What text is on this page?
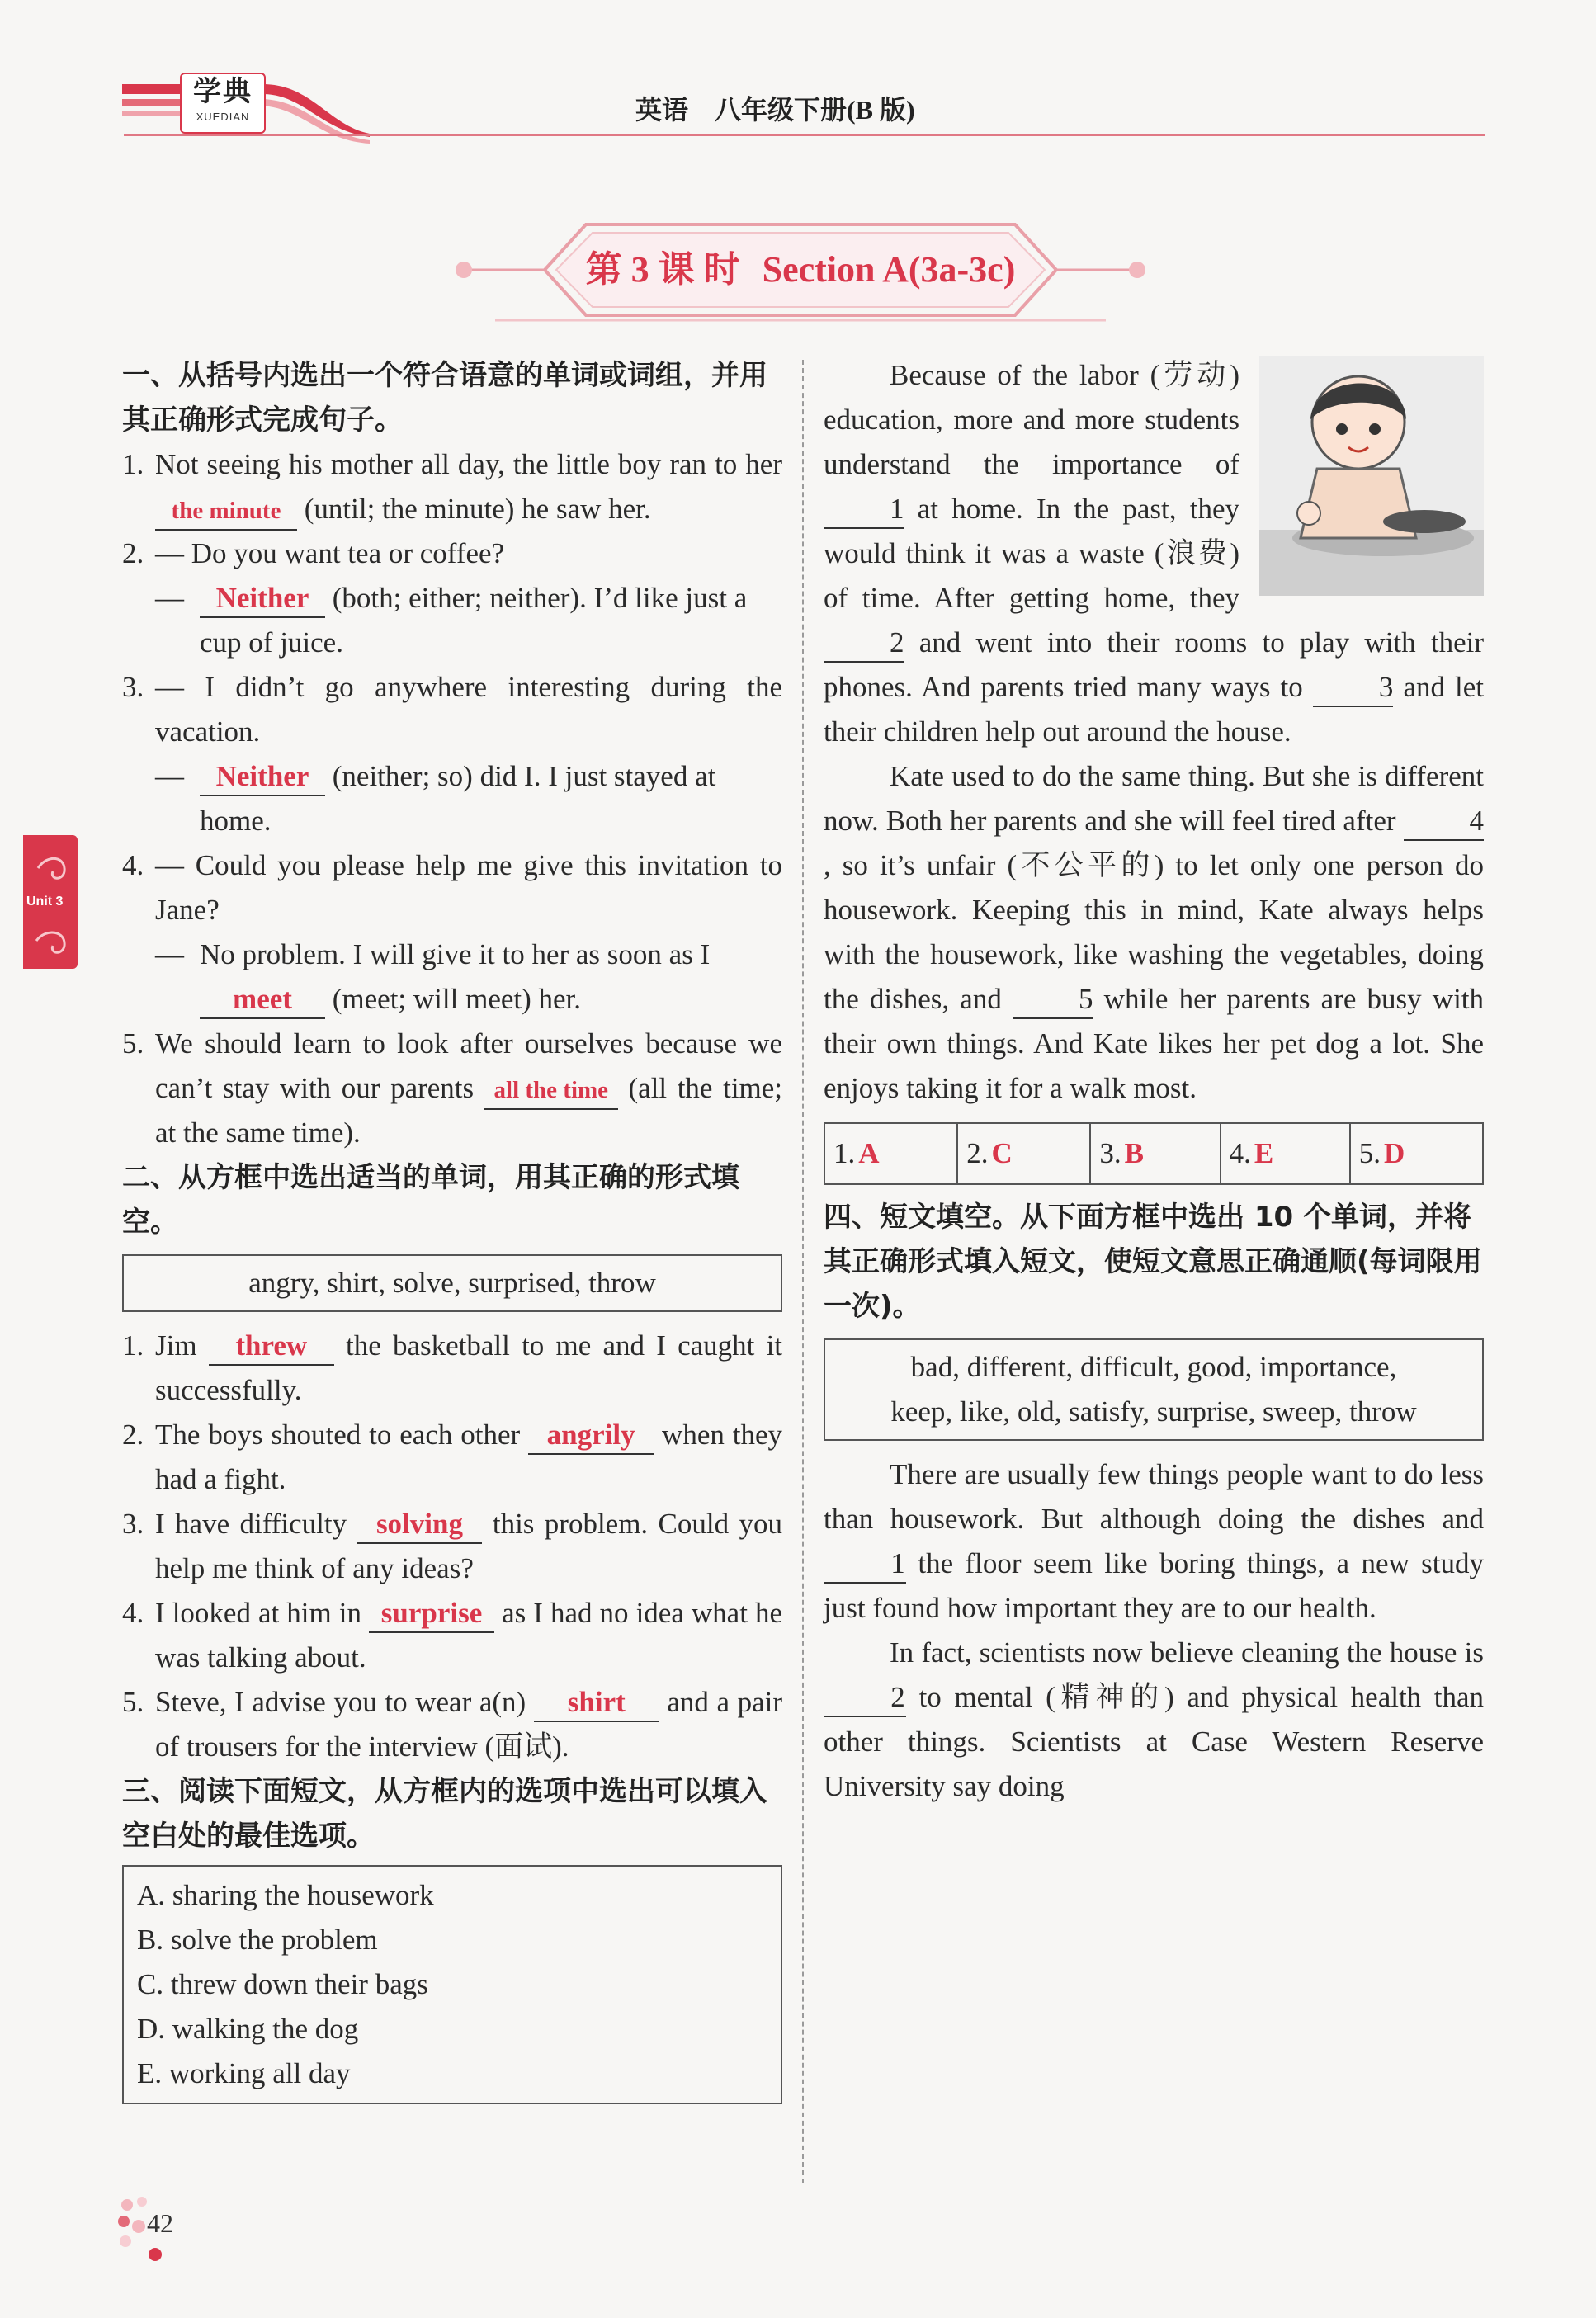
学典
XUEDIAN	英语　八年级下册(B 版)
第 3 课 时 Section A(3a-3c)
Unit 3
一、从括号内选出一个符合语意的单词或词组，并用其正确形式完成句子。
1. Not seeing his mother all day, the little boy ran to her the minute (until; the minute) he saw her.
2. — Do you want tea or coffee?
—	Neither (both; either; neither). I’d like just a cup of juice.
3. — I didn’t go anywhere interesting during the vacation.
—	Neither (neither; so) did I. I just stayed at home.
4. — Could you please help me give this invitation to Jane?
— No problem. I will give it to her as soon as I meet (meet; will meet) her.
5. We should learn to look after ourselves because we can’t stay with our parents all the time (all the time; at the same time).
二、从方框中选出适当的单词，用其正确的形式填空。
angry, shirt, solve, surprised, throw
1. Jim threw the basketball to me and I caught it successfully.
2. The boys shouted to each other angrily when they had a fight.
3. I have difficulty solving this problem. Could you help me think of any ideas?
4. I looked at him in surprise as I had no idea what he was talking about.
5. Steve, I advise you to wear a(n) shirt and a pair of trousers for the interview (面试).
三、阅读下面短文，从方框内的选项中选出可以填入空白处的最佳选项。
A. sharing the housework
B. solve the problem
C. threw down their bags
D. walking the dog
E. working all day
Because of the labor (劳动) education, more and more students understand the importance of 1 at home. In the past, they would think it was a waste (浪费) of time. After getting home, they 2 and went into their rooms to play with their phones. And parents tried many ways to	3 and let their children help out around the house.
Kate used to do the same thing. But she is different now. Both her parents and she will feel tired after	4, so it’s unfair (不公平的) to let only one person do housework. Keeping this in mind, Kate always helps with the housework, like washing the vegetables, doing the dishes, and	5 while her parents are busy with their own things. And Kate likes her pet dog a lot. She enjoys taking it for a walk most.
1. A	2. C	3. B	4. E	5. D
四、短文填空。从下面方框中选出 10 个单词，并将其正确形式填入短文，使短文意思正确通顺(每词限用一次)。
bad, different, difficult, good, importance,
keep, like, old, satisfy, surprise, sweep, throw
There are usually few things people want to do less than housework. But although doing the dishes and 1 the floor seem like boring things, a new study just found how important they are to our health.
In fact, scientists now believe cleaning the house is 2 to mental (精神的) and physical health than other things. Scientists at Case Western Reserve University say doing
42
